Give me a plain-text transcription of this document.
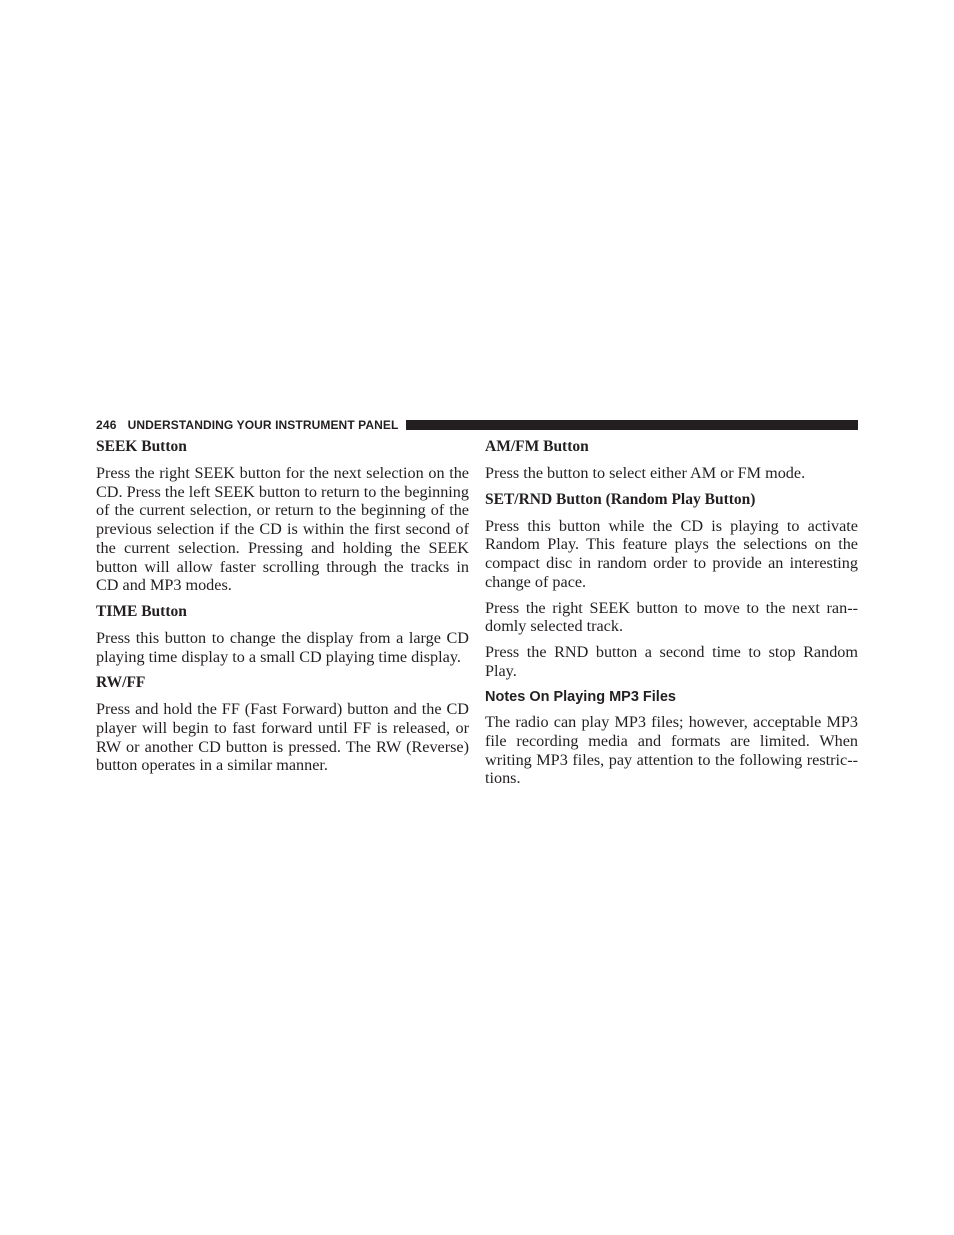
246 UNDERSTANDING YOUR INSTRUMENT PANEL
SEEK Button

Press the right SEEK button for the next selection on the CD. Press the left SEEK button to return to the beginning of the current selection, or return to the beginning of the previous selection if the CD is within the first second of the current selection. Pressing and holding the SEEK button will allow faster scrolling through the tracks in CD and MP3 modes.

TIME Button

Press this button to change the display from a large CD playing time display to a small CD playing time display.

RW/FF

Press and hold the FF (Fast Forward) button and the CD player will begin to fast forward until FF is released, or RW or another CD button is pressed. The RW (Reverse) button operates in a similar manner.

AM/FM Button

Press the button to select either AM or FM mode.

SET/RND Button (Random Play Button)

Press this button while the CD is playing to activate Random Play. This feature plays the selections on the compact disc in random order to provide an interesting change of pace.

Press the right SEEK button to move to the next ran-domly selected track.

Press the RND button a second time to stop Random Play.

Notes On Playing MP3 Files

The radio can play MP3 files; however, acceptable MP3 file recording media and formats are limited. When writing MP3 files, pay attention to the following restric-tions.
